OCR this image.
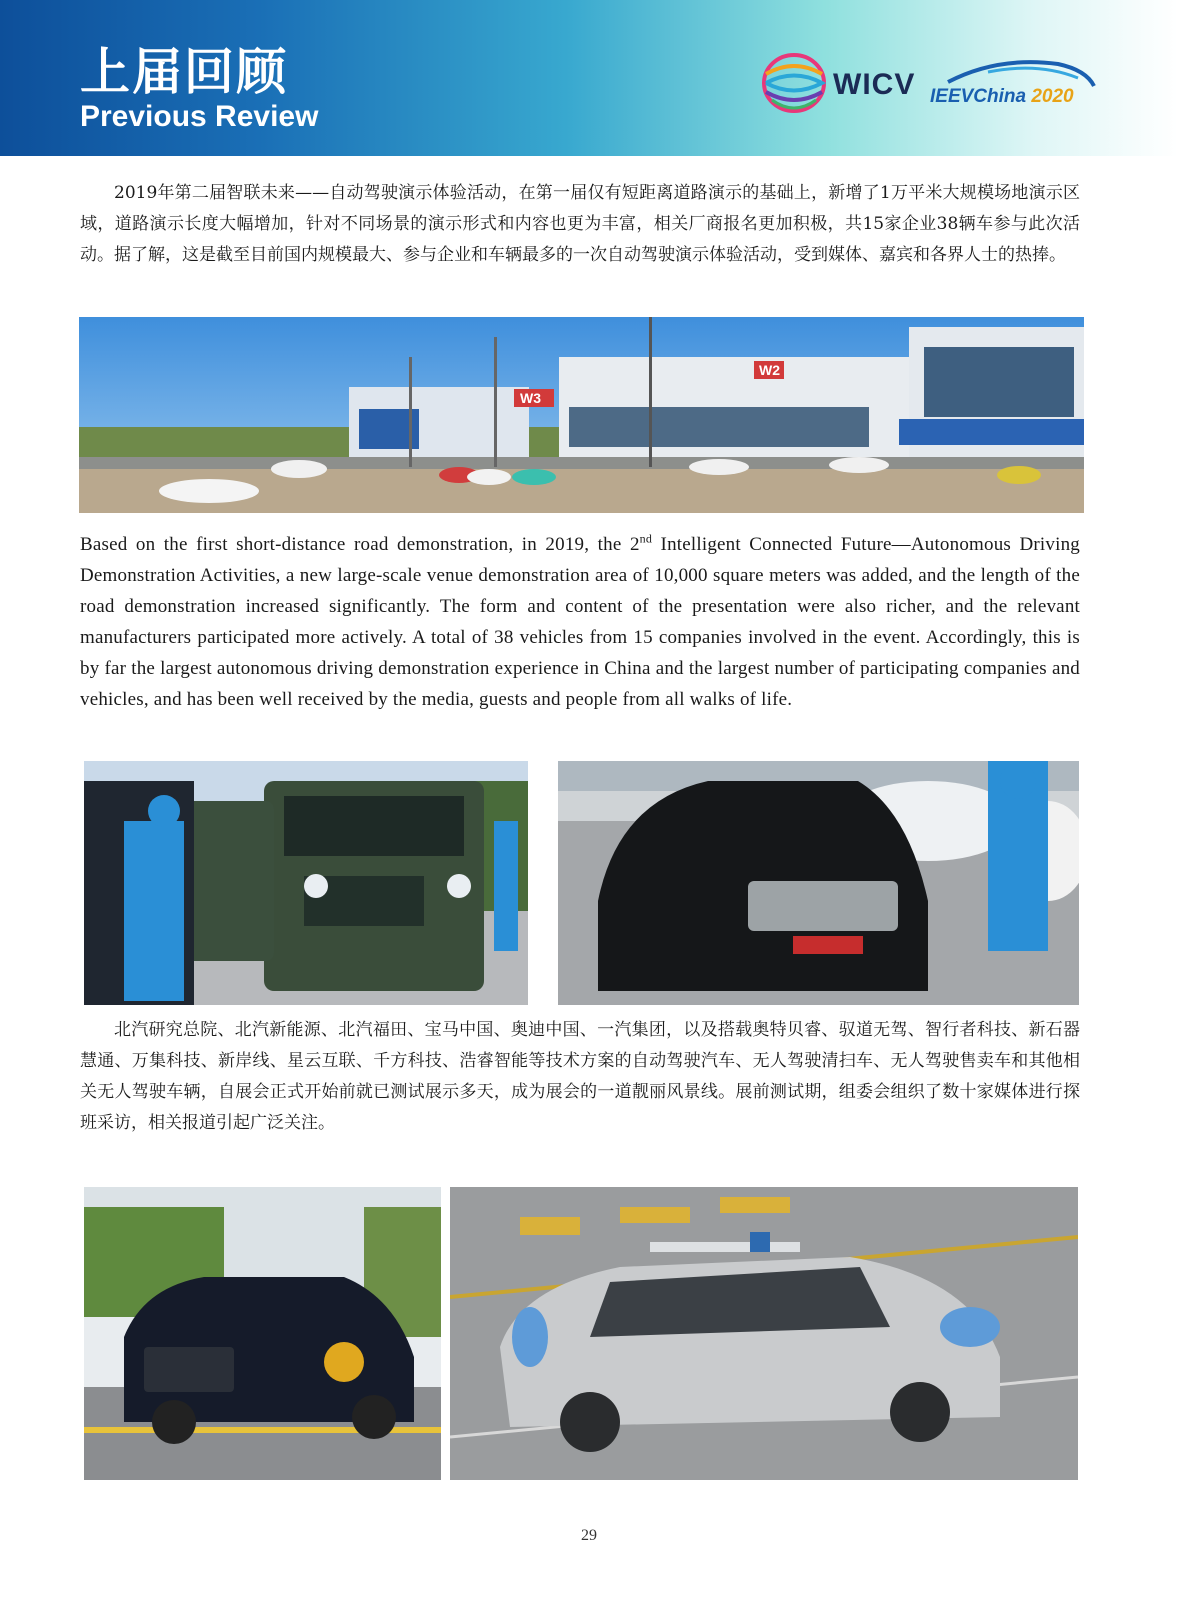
上届回顾
Previous Review
WICV IEEVChina 2020

2019年第二届智联未来——自动驾驶演示体验活动，在第一届仅有短距离道路演示的基础上，新增了1万平米大规模场地演示区域，道路演示长度大幅增加，针对不同场景的演示形式和内容也更为丰富，相关厂商报名更加积极，共15家企业38辆车参与此次活动。据了解，这是截至目前国内规模最大、参与企业和车辆最多的一次自动驾驶演示体验活动，受到媒体、嘉宾和各界人士的热捧。

W3
W2

Based on the first short-distance road demonstration, in 2019, the 2nd Intelligent Connected Future—Autonomous Driving Demonstration Activities, a new large-scale venue demonstration area of 10,000 square meters was added, and the length of the road demonstration increased significantly. The form and content of the presentation were also richer, and the relevant manufacturers participated more actively. A total of 38 vehicles from 15 companies involved in the event. Accordingly, this is by far the largest autonomous driving demonstration experience in China and the largest number of participating companies and vehicles, and has been well received by the media, guests and people from all walks of life.

北汽研究总院、北汽新能源、北汽福田、宝马中国、奥迪中国、一汽集团，以及搭载奥特贝睿、驭道无驾、智行者科技、新石器慧通、万集科技、新岸线、星云互联、千方科技、浩睿智能等技术方案的自动驾驶汽车、无人驾驶清扫车、无人驾驶售卖车和其他相关无人驾驶车辆，自展会正式开始前就已测试展示多天，成为展会的一道靓丽风景线。展前测试期，组委会组织了数十家媒体进行探班采访，相关报道引起广泛关注。

29
